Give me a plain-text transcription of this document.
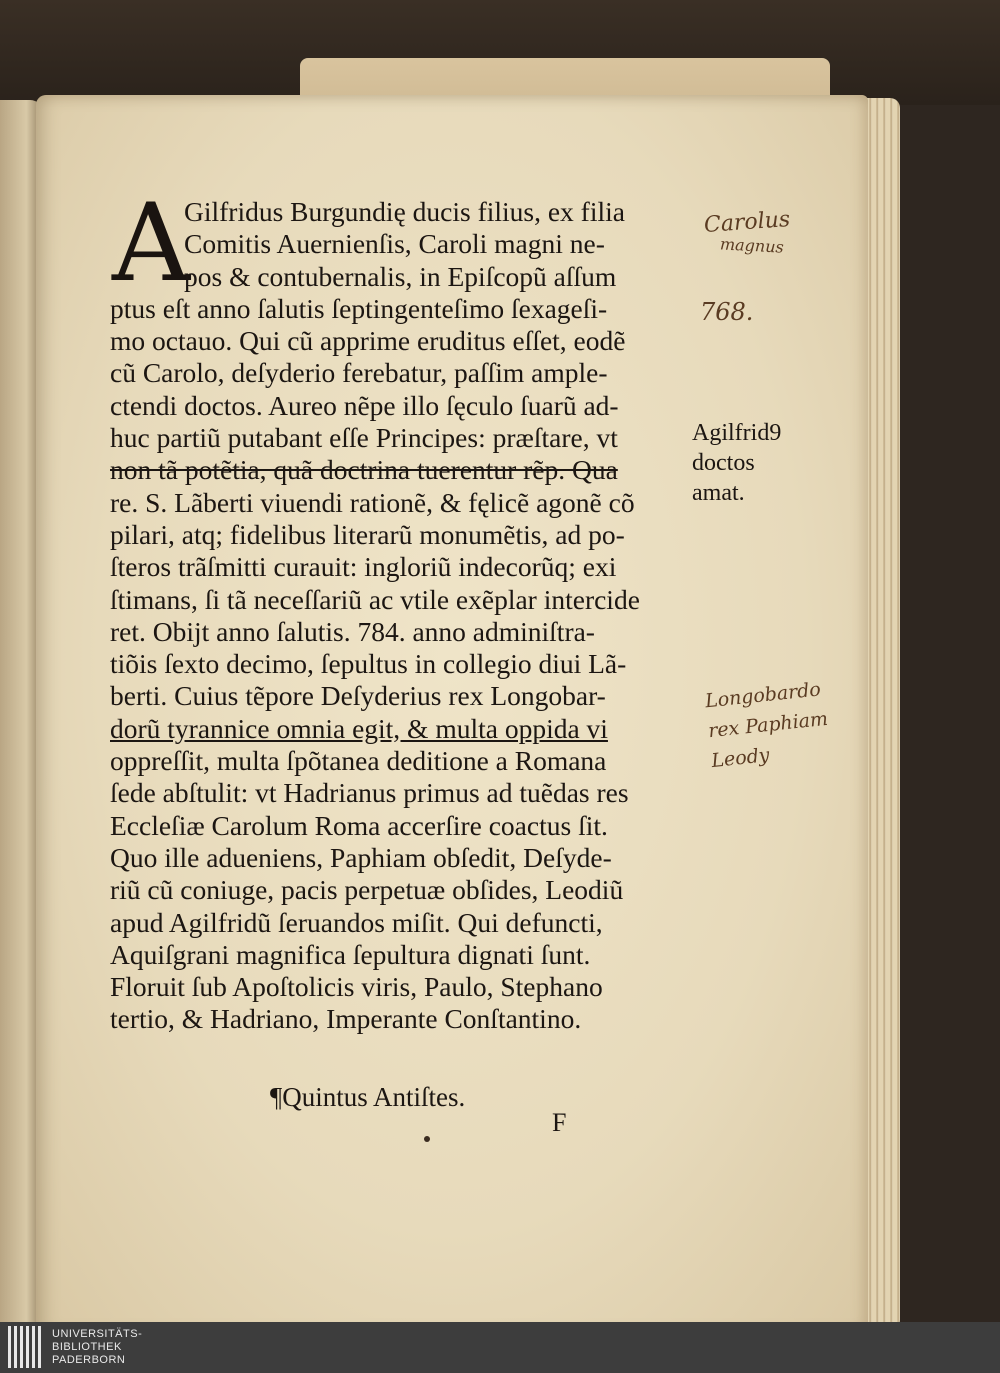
A
Gilfridus Burgundię ducis filius, ex filia
Comitis Auernienſis, Caroli magni ne-
pos & contubernalis, in Epiſcopũ aſſum
ptus eſt anno ſalutis ſeptingenteſimo ſexageſi-
mo octauo. Qui cũ apprime eruditus eſſet, eodẽ
cũ Carolo, deſyderio ferebatur, paſſim ample-
ctendi doctos. Aureo nẽpe illo ſęculo ſuarũ ad-
huc partiũ putabant eſſe Principes: præſtare, vt
non tã potẽtia, quã doctrina tuerentur rẽp. Qua
re. S. Lãberti viuendi rationẽ, & fęlicẽ agonẽ cõ
pilari, atq; fidelibus literarũ monumẽtis, ad po-
ſteros trãſmitti curauit: ingloriũ indecorũq; exi
ſtimans, ſi tã neceſſariũ ac vtile exẽplar intercide
ret. Obijt anno ſalutis. 784. anno adminiſtra-
tiõis ſexto decimo, ſepultus in collegio diui Lã-
berti. Cuius tẽpore Deſyderius rex Longobar-
dorũ tyrannice omnia egit, & multa oppida vi
oppreſſit, multa ſpõtanea deditione a Romana
ſede abſtulit: vt Hadrianus primus ad tuẽdas res
Eccleſiæ Carolum Roma accerſire coactus ſit.
Quo ille adueniens, Paphiam obſedit, Deſyde-
riũ cũ coniuge, pacis perpetuæ obſides, Leodiũ
apud Agilfridũ ſeruandos miſit. Qui defuncti,
Aquiſgrani magnifica ſepultura dignati ſunt.
Floruit ſub Apoſtolicis viris, Paulo, Stephano
tertio, & Hadriano, Imperante Conſtantino.
¶Quintus Antiſtes.
F
Agilfrid9
doctos
amat.
Carolus
magnus
768.
Longobardo
rex Paphiam
Leody
UNIVERSITÄTS-
BIBLIOTHEK
PADERBORN
